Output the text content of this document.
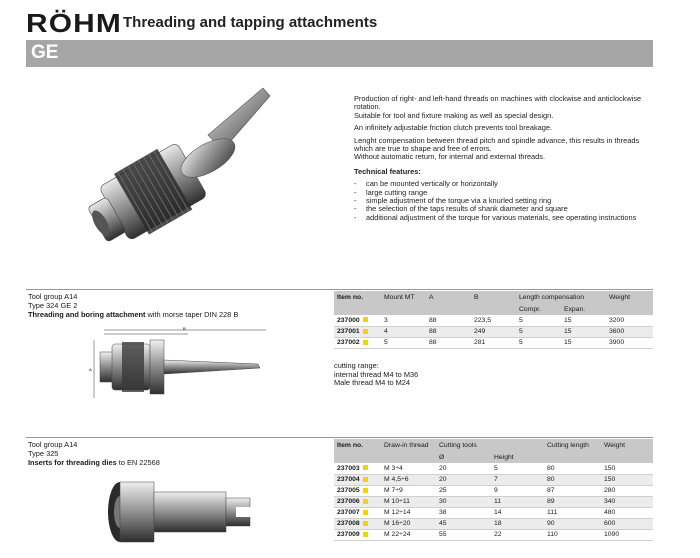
RÖHM Threading and tapping attachments
GE

Production of right- and left-hand threads on machines with clockwise and anticlockwise rotation.
Suitable for tool and fixture making as well as special design.

An infinitely adjustable friction clutch prevents tool breakage.

Lenght compensation between thread pitch and spindle advance, this results in threads which are true to shape and free of errors.
Without automatic return, for internal and external threads.

Technical features:

- can be mounted vertically or horizontally
- large cutting range
- simple adjustment of the torque via a knurled setting ring
- the selection of the taps results of shank diameter and square
- additional adjustment of the torque for various materials, see operating instructions
Tool group A14
Type 324 GE 2
Threading and boring attachment with morse taper DIN 228 B
B
A
Item no.	Mount MT	A	B	Length compensation		Weight
				Compr.	Expan.	
237000	3	88	223,5	5	15	3200
237001	4	88	249	5	15	3600
237002	5	88	281	5	15	3900
cutting range:
internal thread M4 to M36
Male thread M4 to M24
Tool group A14
Type 325
Inserts for threading dies to EN 22568
Item no.	Draw-in thread	Cutting tools		Cutting length	Weight
		Ø	Height		
237003	M 3÷4	20	5	80	150
237004	M 4,5÷6	20	7	80	150
237005	M 7÷9	25	9	87	280
237006	M 10÷11	30	11	89	340
237007	M 12÷14	38	14	111	480
237008	M 16÷20	45	18	90	600
237009	M 22÷24	55	22	110	1090
